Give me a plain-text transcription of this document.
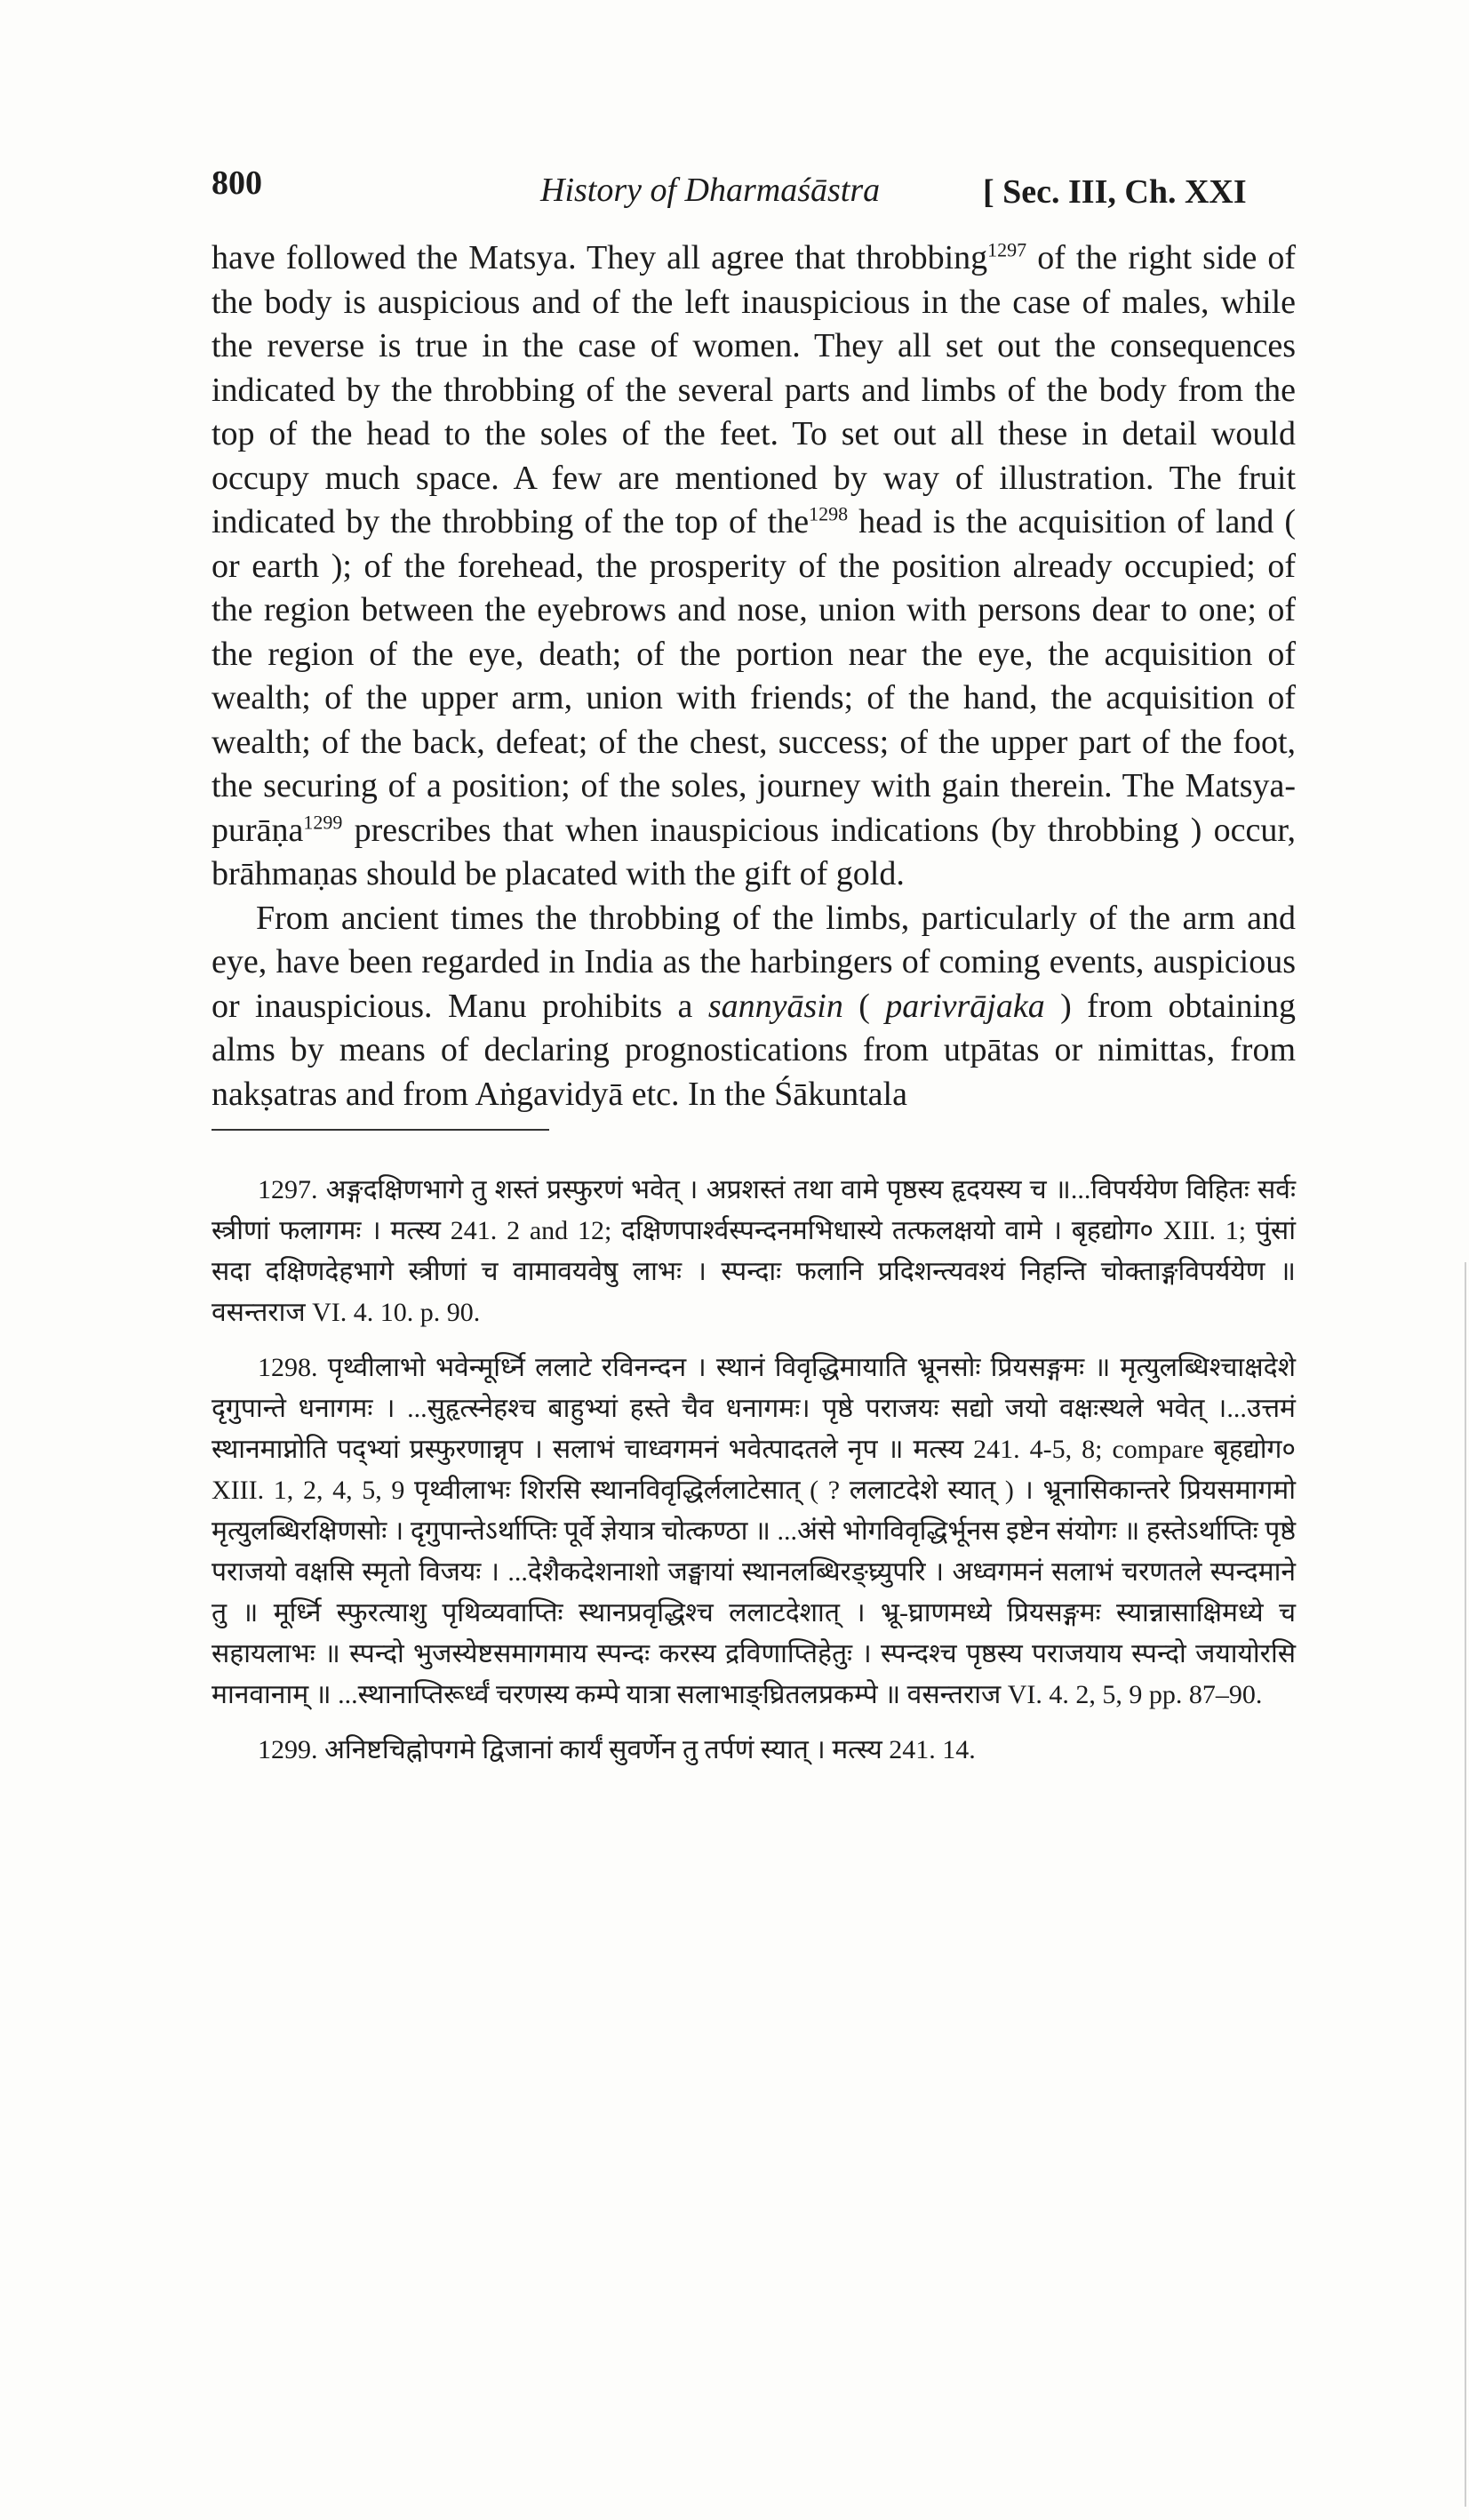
800	History of Dharmaśāstra	[ Sec. III, Ch. XXI

have followed the Matsya. They all agree that throbbing$^{1297}$ of the right side of the body is auspicious and of the left inauspicious in the case of males, while the reverse is true in the case of women. They all set out the consequences indicated by the throbbing of the several parts and limbs of the body from the top of the head to the soles of the feet. To set out all these in detail would occupy much space. A few are mentioned by way of illustration. The fruit indicated by the throbbing of the top of the$^{1298}$ head is the acquisition of land ( or earth ); of the forehead, the prosperity of the position already occupied; of the region between the eyebrows and nose, union with persons dear to one; of the region of the eye, death; of the portion near the eye, the acquisition of wealth; of the upper arm, union with friends; of the hand, the acquisition of wealth; of the back, defeat; of the chest, success; of the upper part of the foot, the securing of a position; of the soles, journey with gain therein. The Matsya-purāṇa$^{1299}$ prescribes that when inauspicious indications (by throbbing ) occur, brāhmaṇas should be placated with the gift of gold.

From ancient times the throbbing of the limbs, particularly of the arm and eye, have been regarded in India as the harbingers of coming events, auspicious or inauspicious. Manu prohibits a sannyāsin ( parivrājaka ) from obtaining alms by means of declaring prognostications from utpātas or nimittas, from nakṣatras and from Aṅgavidyā etc. In the Śākuntala

1297. अङ्गदक्षिणभागे तु शस्तं प्रस्फुरणं भवेत् । अप्रशस्तं तथा वामे पृष्ठस्य हृदयस्य च ॥...विपर्ययेण विहितः सर्वः स्त्रीणां फलागमः । मत्स्य 241. 2 and 12; दक्षिणपार्श्वस्पन्दनमभिधास्ये तत्फलक्षयो वामे । बृहद्योग० XIII. 1; पुंसां सदा दक्षिणदेहभागे स्त्रीणां च वामावयवेषु लाभः । स्पन्दाः फलानि प्रदिशन्त्यवश्यं निहन्ति चोक्ताङ्गविपर्ययेण ॥ वसन्तराज VI. 4. 10. p. 90.

1298. पृथ्वीलाभो भवेन्मूर्ध्नि ललाटे रविनन्दन । स्थानं विवृद्धिमायाति भ्रूनसोः प्रियसङ्गमः ॥ मृत्युलब्धिश्चाक्षदेशे दृगुपान्ते धनागमः । ...सुहृत्स्नेहश्च बाहुभ्यां हस्ते चैव धनागमः। पृष्ठे पराजयः सद्यो जयो वक्षःस्थले भवेत् ।...उत्तमं स्थानमाप्नोति पद्भ्यां प्रस्फुरणान्नृप । सलाभं चाध्वगमनं भवेत्पादतले नृप ॥ मत्स्य 241. 4-5, 8; compare बृहद्योग० XIII. 1, 2, 4, 5, 9 पृथ्वीलाभः शिरसि स्थानविवृद्धिर्ललाटेसात् ( ? ललाटदेशे स्यात् ) । भ्रूनासिकान्तरे प्रियसमागमो मृत्युलब्धिरक्षिणसोः । दृगुपान्तेऽर्थाप्तिः पूर्वे ज्ञेयात्र चोत्कण्ठा ॥ ...अंसे भोगविवृद्धिर्भूनस इष्टेन संयोगः ॥ हस्तेऽर्थाप्तिः पृष्ठे पराजयो वक्षसि स्मृतो विजयः । ...देशैकदेशनाशो जङ्घायां स्थानलब्धिरङ्घ्र्युपरि । अध्वगमनं सलाभं चरणतले स्पन्दमाने तु ॥ मूर्ध्नि स्फुरत्याशु पृथिव्यवाप्तिः स्थानप्रवृद्धिश्च ललाटदेशात् । भ्रू-घ्राणमध्ये प्रियसङ्गमः स्यान्नासाक्षिमध्ये च सहायलाभः ॥ स्पन्दो भुजस्येष्टसमागमाय स्पन्दः करस्य द्रविणाप्तिहेतुः । स्पन्दश्च पृष्ठस्य पराजयाय स्पन्दो जयायोरसि मानवानाम् ॥ ...स्थानाप्तिरूर्ध्वं चरणस्य कम्पे यात्रा सलाभाङ्घ्रितलप्रकम्पे ॥ वसन्तराज VI. 4. 2, 5, 9 pp. 87–90.

1299. अनिष्टचिह्नोपगमे द्विजानां कार्यं सुवर्णेन तु तर्पणं स्यात् । मत्स्य 241. 14.
